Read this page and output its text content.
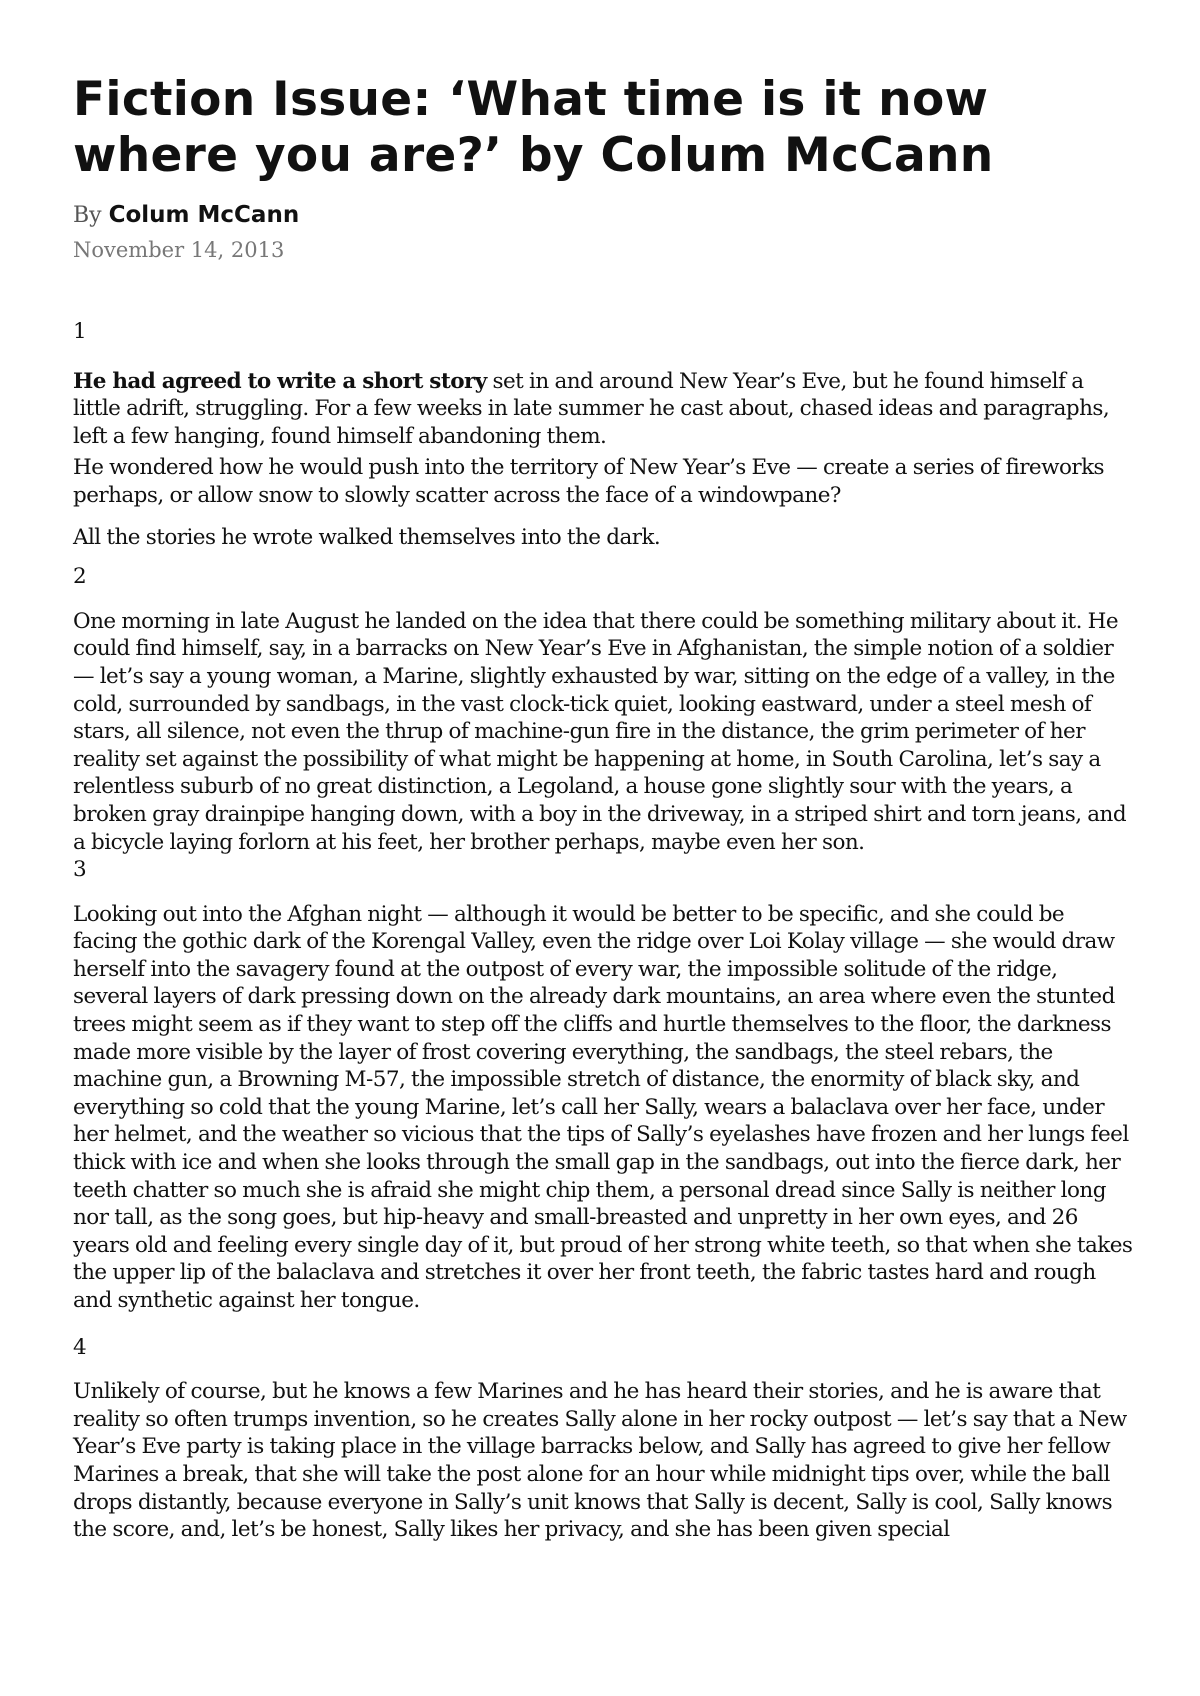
Fiction Issue: ‘What time is it now where you are?’ by Colum McCann
By Colum McCann
November 14, 2013

1

He had agreed to write a short story set in and around New Year’s Eve, but he found himself a little adrift, struggling. For a few weeks in late summer he cast about, chased ideas and paragraphs, left a few hanging, found himself abandoning them.

He wondered how he would push into the territory of New Year’s Eve — create a series of fireworks perhaps, or allow snow to slowly scatter across the face of a windowpane?

All the stories he wrote walked themselves into the dark.

2

One morning in late August he landed on the idea that there could be something military about it. He could find himself, say, in a barracks on New Year’s Eve in Afghanistan, the simple notion of a soldier — let’s say a young woman, a Marine, slightly exhausted by war, sitting on the edge of a valley, in the cold, surrounded by sandbags, in the vast clock-tick quiet, looking eastward, under a steel mesh of stars, all silence, not even the thrup of machine-gun fire in the distance, the grim perimeter of her reality set against the possibility of what might be happening at home, in South Carolina, let’s say a relentless suburb of no great distinction, a Legoland, a house gone slightly sour with the years, a broken gray drainpipe hanging down, with a boy in the driveway, in a striped shirt and torn jeans, and a bicycle laying forlorn at his feet, her brother perhaps, maybe even her son.

3

Looking out into the Afghan night — although it would be better to be specific, and she could be facing the gothic dark of the Korengal Valley, even the ridge over Loi Kolay village — she would draw herself into the savagery found at the outpost of every war, the impossible solitude of the ridge, several layers of dark pressing down on the already dark mountains, an area where even the stunted trees might seem as if they want to step off the cliffs and hurtle themselves to the floor, the darkness made more visible by the layer of frost covering everything, the sandbags, the steel rebars, the machine gun, a Browning M-57, the impossible stretch of distance, the enormity of black sky, and everything so cold that the young Marine, let’s call her Sally, wears a balaclava over her face, under her helmet, and the weather so vicious that the tips of Sally’s eyelashes have frozen and her lungs feel thick with ice and when she looks through the small gap in the sandbags, out into the fierce dark, her teeth chatter so much she is afraid she might chip them, a personal dread since Sally is neither long nor tall, as the song goes, but hip-heavy and small-breasted and unpretty in her own eyes, and 26 years old and feeling every single day of it, but proud of her strong white teeth, so that when she takes the upper lip of the balaclava and stretches it over her front teeth, the fabric tastes hard and rough and synthetic against her tongue.

4

Unlikely of course, but he knows a few Marines and he has heard their stories, and he is aware that reality so often trumps invention, so he creates Sally alone in her rocky outpost — let’s say that a New Year’s Eve party is taking place in the village barracks below, and Sally has agreed to give her fellow Marines a break, that she will take the post alone for an hour while midnight tips over, while the ball drops distantly, because everyone in Sally’s unit knows that Sally is decent, Sally is cool, Sally knows the score, and, let’s be honest, Sally likes her privacy, and she has been given special
